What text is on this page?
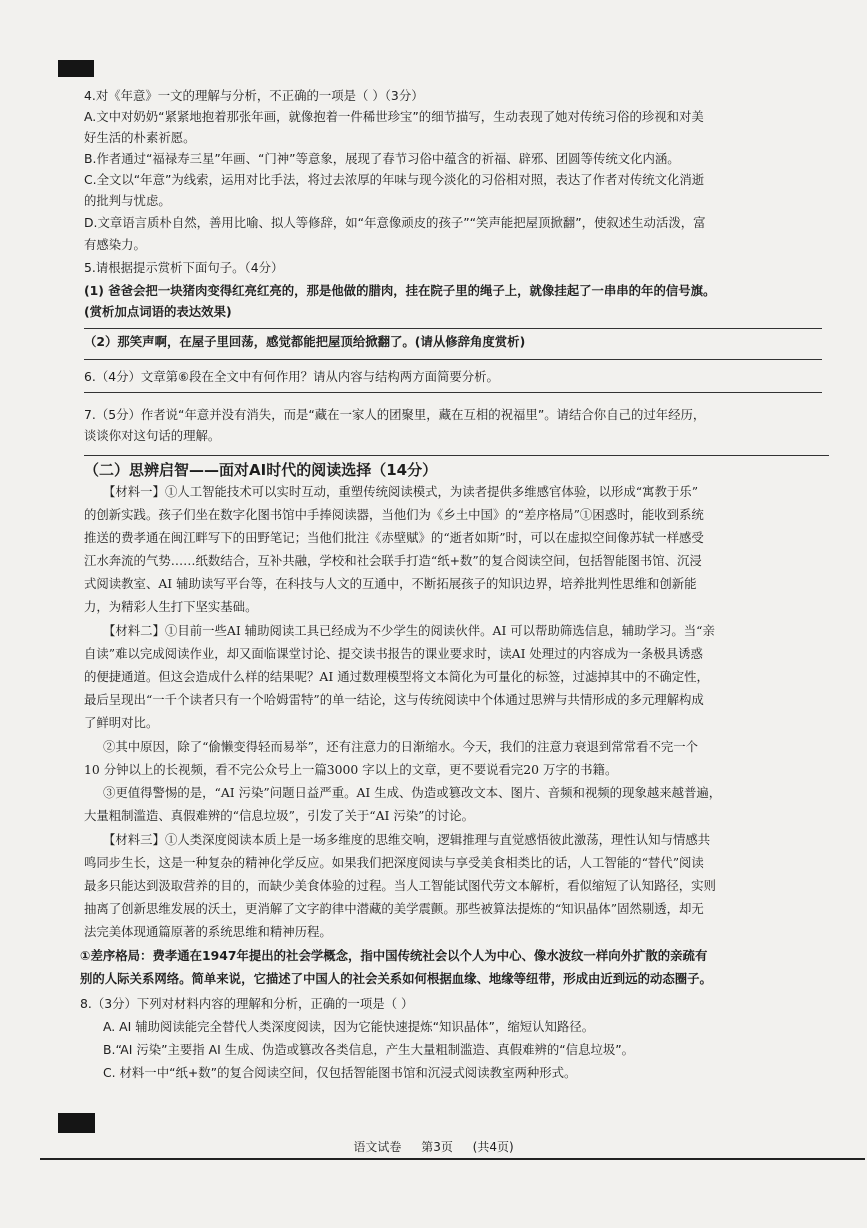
4.对《年意》一文的理解与分析，不正确的一项是（ ）（3分）
A.文中对奶奶“紧紧地抱着那张年画，就像抱着一件稀世珍宝”的细节描写，生动表现了她对传统习俗的珍视和对美
好生活的朴素祈愿。
B.作者通过“福禄寿三星”年画、“门神”等意象，展现了春节习俗中蕴含的祈福、辟邪、团圆等传统文化内涵。
C.全文以“年意”为线索，运用对比手法，将过去浓厚的年味与现今淡化的习俗相对照，表达了作者对传统文化消逝
的批判与忧虑。
D.文章语言质朴自然，善用比喻、拟人等修辞，如“年意像顽皮的孩子”“笑声能把屋顶掀翻”，使叙述生动活泼，富
有感染力。
5.请根据提示赏析下面句子。（4分）
(1) 爸爸会把一块猪肉变得红亮红亮的，那是他做的腊肉，挂在院子里的绳子上，就像挂起了一串串的年的信号旗。
(赏析加点词语的表达效果)
（2）那笑声啊，在屋子里回荡，感觉都能把屋顶给掀翻了。(请从修辞角度赏析)
6.（4分）文章第⑥段在全文中有何作用？请从内容与结构两方面简要分析。
7.（5分）作者说“年意并没有消失，而是“藏在一家人的团聚里，藏在互相的祝福里”。请结合你自己的过年经历，
谈谈你对这句话的理解。
（二）思辨启智——面对AI时代的阅读选择（14分）
【材料一】①人工智能技术可以实时互动，重塑传统阅读模式，为读者提供多维感官体验，以形成“寓教于乐”
的创新实践。孩子们坐在数字化图书馆中手捧阅读器，当他们为《乡土中国》的“差序格局”①困惑时，能收到系统
推送的费孝通在闽江畔写下的田野笔记；当他们批注《赤壁赋》的“逝者如斯”时，可以在虚拟空间像苏轼一样感受
江水奔流的气势……纸数结合，互补共融，学校和社会联手打造“纸+数”的复合阅读空间，包括智能图书馆、沉浸
式阅读教室、AI 辅助读写平台等，在科技与人文的互通中，不断拓展孩子的知识边界，培养批判性思维和创新能
力，为精彩人生打下坚实基础。
【材料二】①目前一些AI 辅助阅读工具已经成为不少学生的阅读伙伴。AI 可以帮助筛选信息，辅助学习。当“亲
自读”难以完成阅读作业，却又面临课堂讨论、提交读书报告的课业要求时，读AI 处理过的内容成为一条极具诱惑
的便捷通道。但这会造成什么样的结果呢？AI 通过数理模型将文本简化为可量化的标签，过滤掉其中的不确定性，
最后呈现出“一千个读者只有一个哈姆雷特”的单一结论，这与传统阅读中个体通过思辨与共情形成的多元理解构成
了鲜明对比。
②其中原因，除了“偷懒变得轻而易举”，还有注意力的日渐缩水。今天，我们的注意力衰退到常常看不完一个
10 分钟以上的长视频，看不完公众号上一篇3000 字以上的文章，更不要说看完20 万字的书籍。
③更值得警惕的是，“AI 污染”问题日益严重。AI 生成、伪造或篡改文本、图片、音频和视频的现象越来越普遍，
大量粗制滥造、真假难辨的“信息垃圾”，引发了关于“AI 污染”的讨论。
【材料三】①人类深度阅读本质上是一场多维度的思维交响，逻辑推理与直觉感悟彼此激荡，理性认知与情感共
鸣同步生长，这是一种复杂的精神化学反应。如果我们把深度阅读与享受美食相类比的话，人工智能的“替代”阅读
最多只能达到汲取营养的目的，而缺少美食体验的过程。当人工智能试图代劳文本解析，看似缩短了认知路径，实则
抽离了创新思维发展的沃土，更消解了文字韵律中潜藏的美学震颤。那些被算法提炼的“知识晶体”固然剔透，却无
法完美体现通篇原著的系统思维和精神历程。
①差序格局：费孝通在1947年提出的社会学概念，指中国传统社会以个人为中心、像水波纹一样向外扩散的亲疏有
别的人际关系网络。简单来说，它描述了中国人的社会关系如何根据血缘、地缘等纽带，形成由近到远的动态圈子。
8.（3分）下列对材料内容的理解和分析，正确的一项是（ ）
A. AI 辅助阅读能完全替代人类深度阅读，因为它能快速提炼“知识晶体”，缩短认知路径。
B.“AI 污染”主要指 AI 生成、伪造或篡改各类信息，产生大量粗制滥造、真假难辨的“信息垃圾”。
C. 材料一中“纸+数”的复合阅读空间，仅包括智能图书馆和沉浸式阅读教室两种形式。
语文试卷 第3页 (共4页)
